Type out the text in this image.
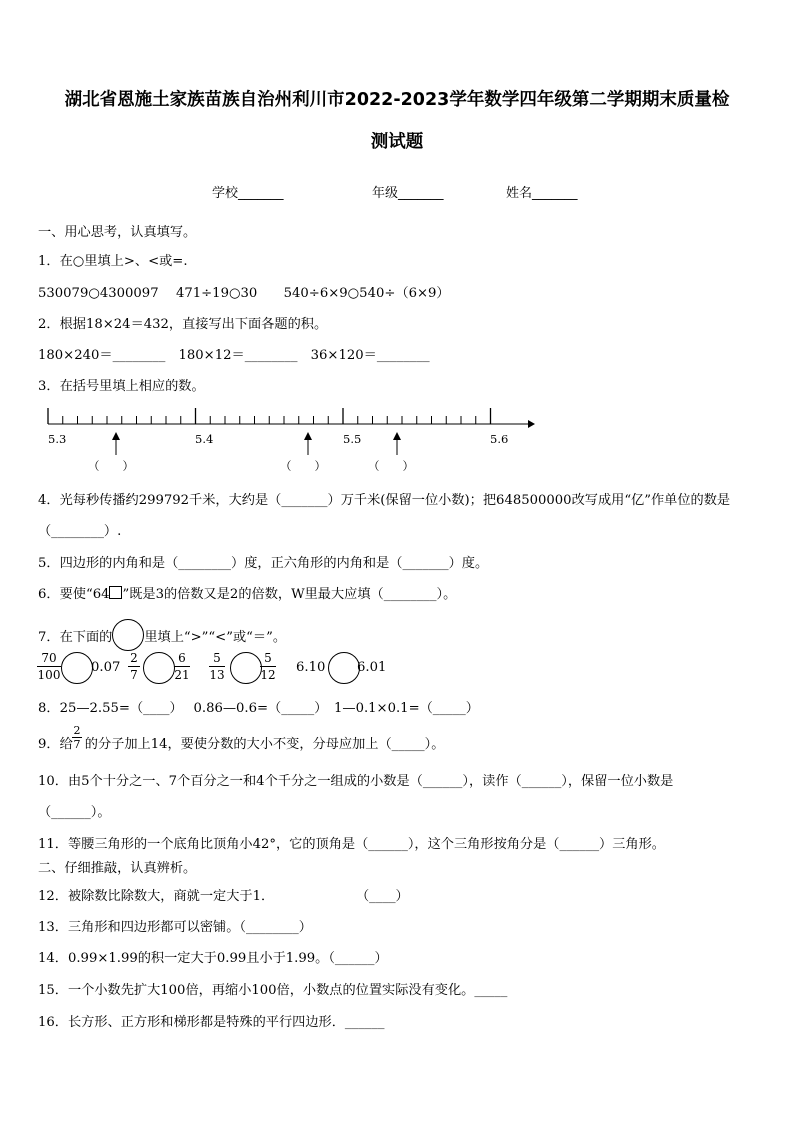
湖北省恩施土家族苗族自治州利川市2022-2023学年数学四年级第二学期期末质量检
测试题
学校_______	年级_______	姓名_______
一、用心思考，认真填写。
1．在○里填上>、<或=.
530079○4300097　 471÷19○30　　540÷6×9○540÷（6×9）
2．根据18×24＝432，直接写出下面各题的积。
180×240＝________　180×12＝________　36×120＝________
3．在括号里填上相应的数。
5.3	5.4	5.5	5.6
（　　）	（　　）	（　　）
4．光每秒传播约299792千米，大约是（_______）万千米(保留一位小数)；把648500000改写成用“亿”作单位的数是
（________）.
5．四边形的内角和是（________）度，正六角形的内角和是（_______）度。
6．要使“64 ”既是3的倍数又是2的倍数，W里最大应填（________）。
7．在下面的 里填上“>”“<”或“＝”。
70
100 0.07
2
7
6
21
5
13
5
12 6.10 6.01
8．25—2.55=（____）　 0.86—0.6=（_____）　1—0.1×0.1=（_____）
9．给 的分子加上14，要使分数的大小不变，分母应加上（_____）。
2
7
10．由5个十分之一、7个百分之一和4个千分之一组成的小数是（______），读作（______），保留一位小数是
（______）。
11．等腰三角形的一个底角比顶角小42°，它的顶角是（______），这个三角形按角分是（______）三角形。
二、仔细推敲，认真辨析。
12．被除数比除数大，商就一定大于1．	（____）
13．三角形和四边形都可以密铺。（________）
14．0.99×1.99的积一定大于0.99且小于1.99。（______）
15．一个小数先扩大100倍，再缩小100倍，小数点的位置实际没有变化。_____
16．长方形、正方形和梯形都是特殊的平行四边形．______
